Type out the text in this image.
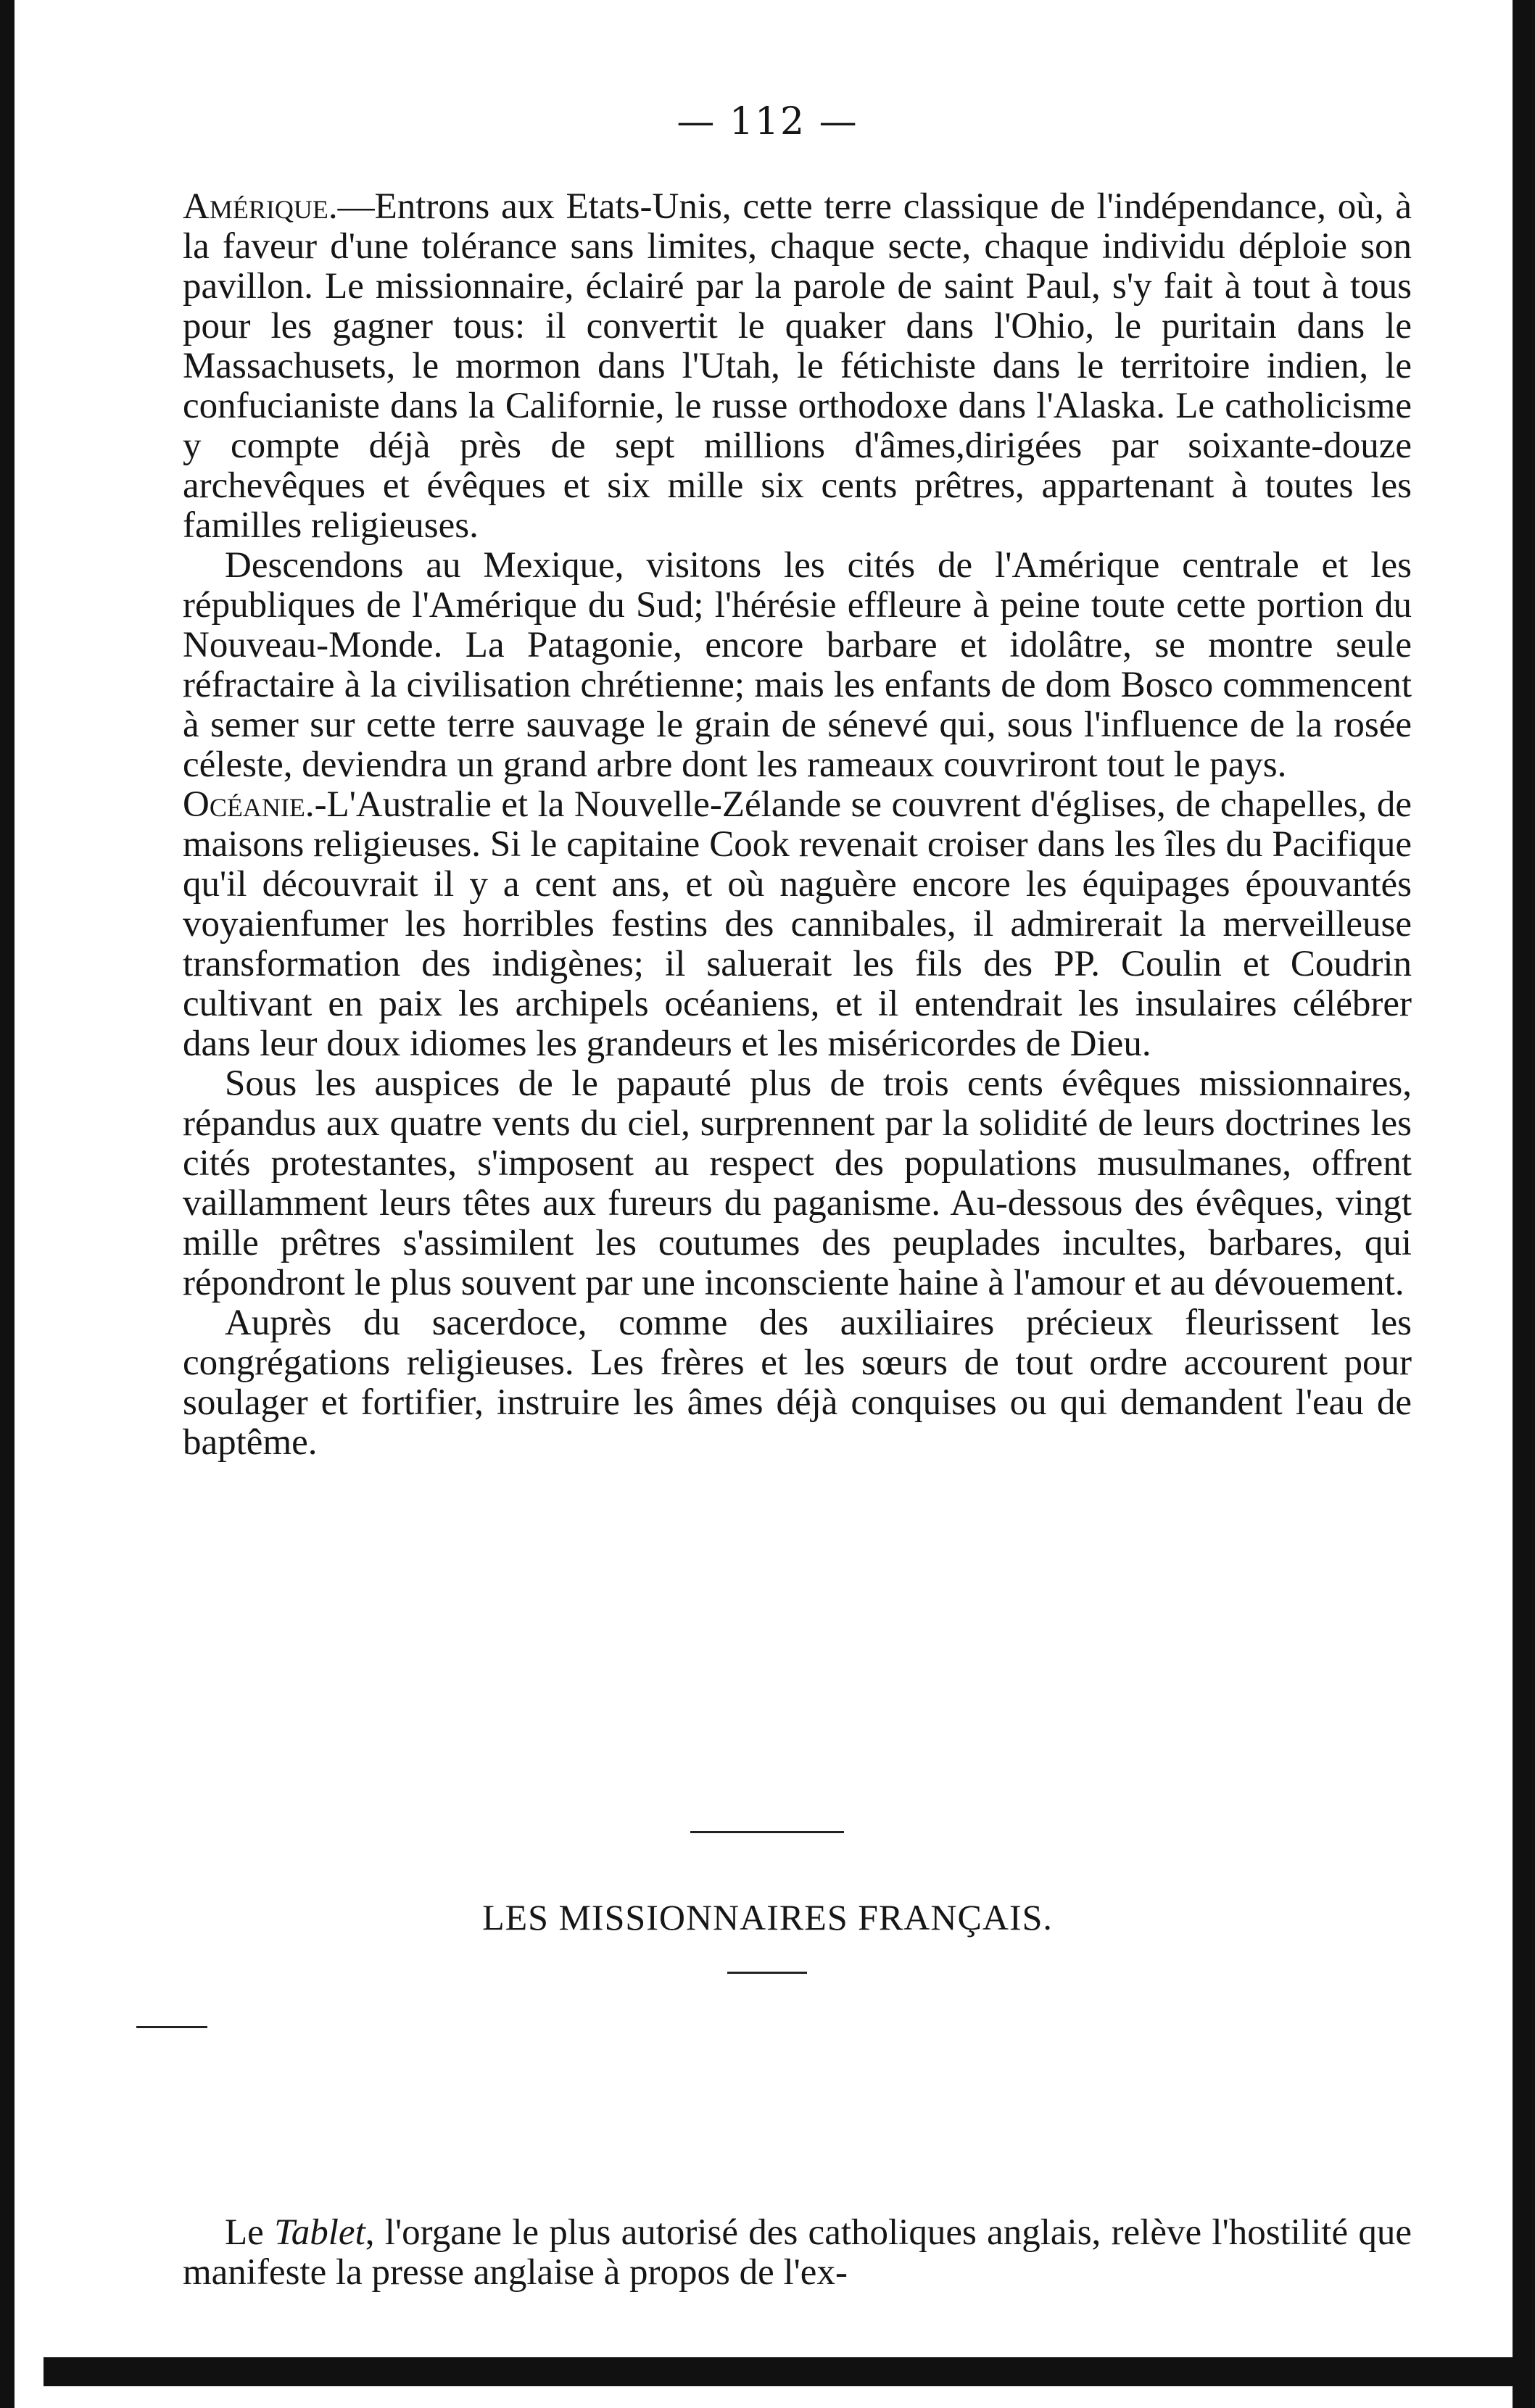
— 112 —

Amérique.—Entrons aux Etats-Unis, cette terre classique de l'indépendance, où, à la faveur d'une tolérance sans limites, chaque secte, chaque individu déploie son pavillon. Le missionnaire, éclairé par la parole de saint Paul, s'y fait à tout à tous pour les gagner tous: il convertit le quaker dans l'Ohio, le puritain dans le Massachusets, le mormon dans l'Utah, le fétichiste dans le territoire indien, le confucianiste dans la Californie, le russe orthodoxe dans l'Alaska. Le catholicisme y compte déjà près de sept millions d'âmes,dirigées par soixante-douze archevêques et évêques et six mille six cents prêtres, appartenant à toutes les familles religieuses.

Descendons au Mexique, visitons les cités de l'Amérique centrale et les républiques de l'Amérique du Sud; l'hérésie effleure à peine toute cette portion du Nouveau-Monde. La Patagonie, encore barbare et idolâtre, se montre seule réfractaire à la civilisation chrétienne; mais les enfants de dom Bosco commencent à semer sur cette terre sauvage le grain de sénevé qui, sous l'influence de la rosée céleste, deviendra un grand arbre dont les rameaux couvriront tout le pays.

Océanie.-L'Australie et la Nouvelle-Zélande se couvrent d'églises, de chapelles, de maisons religieuses. Si le capitaine Cook revenait croiser dans les îles du Pacifique qu'il découvrait il y a cent ans, et où naguère encore les équipages épouvantés voyaienfumer les horribles festins des cannibales, il admirerait la merveilleuse transformation des indigènes; il saluerait les fils des PP. Coulin et Coudrin cultivant en paix les archipels océaniens, et il entendrait les insulaires célébrer dans leur doux idiomes les grandeurs et les miséricordes de Dieu.

Sous les auspices de le papauté plus de trois cents évêques missionnaires, répandus aux quatre vents du ciel, surprennent par la solidité de leurs doctrines les cités protestantes, s'imposent au respect des populations musulmanes, offrent vaillamment leurs têtes aux fureurs du paganisme. Au-dessous des évêques, vingt mille prêtres s'assimilent les coutumes des peuplades incultes, barbares, qui répondront le plus souvent par une inconsciente haine à l'amour et au dévouement.

Auprès du sacerdoce, comme des auxiliaires précieux fleurissent les congrégations religieuses. Les frères et les sœurs de tout ordre accourent pour soulager et fortifier, instruire les âmes déjà conquises ou qui demandent l'eau de baptême.

LES MISSIONNAIRES FRANÇAIS.

Le Tablet, l'organe le plus autorisé des catholiques anglais, relève l'hostilité que manifeste la presse anglaise à propos de l'ex-
